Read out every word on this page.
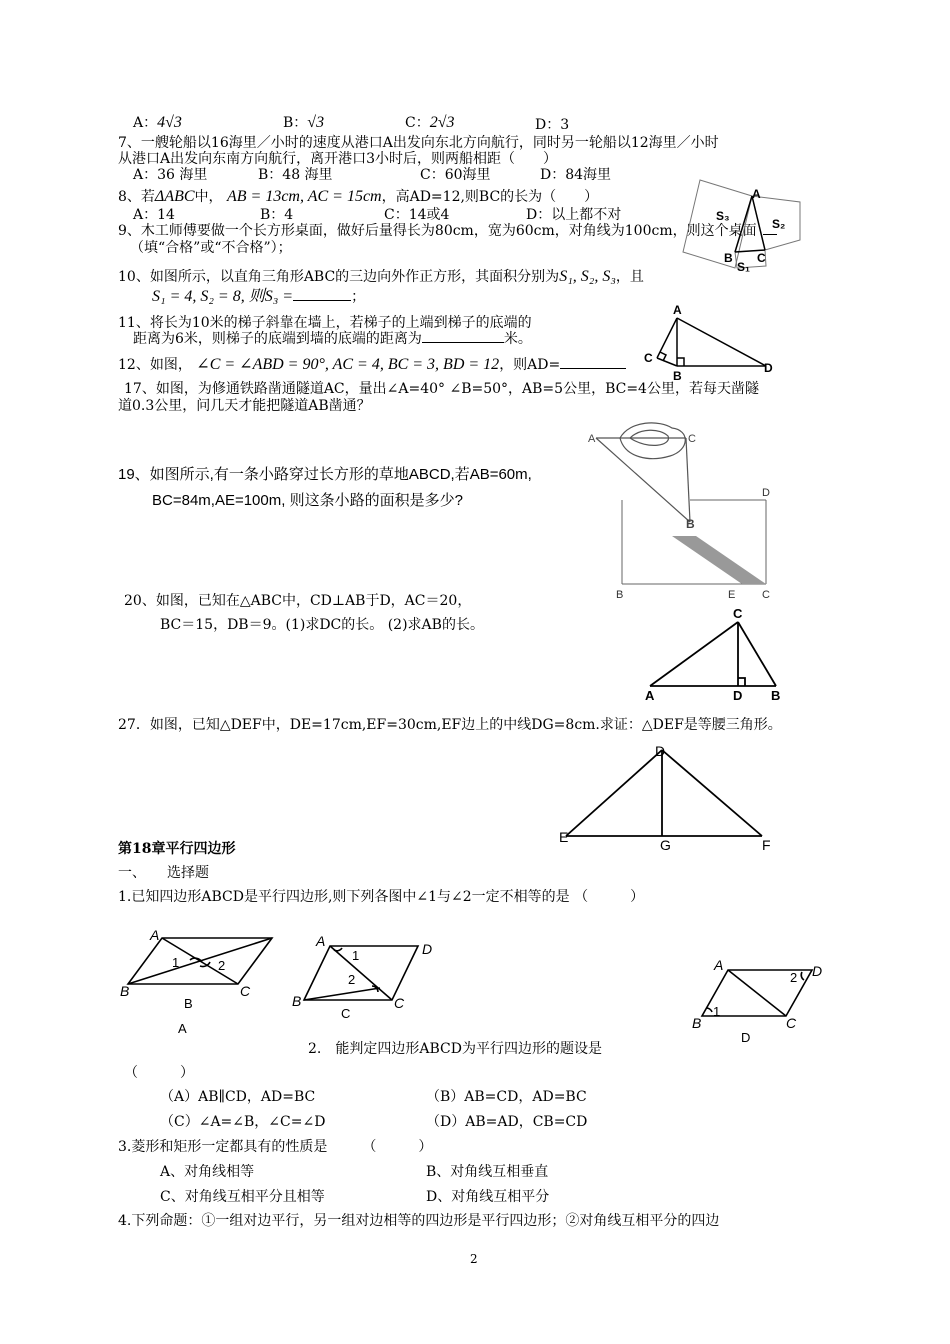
A：4√3	B：√3	C：2√3	D：3
7、一艘轮船以16海里／小时的速度从港口A出发向东北方向航行，同时另一轮船以12海里／小时
从港口A出发向东南方向航行，离开港口3小时后，则两船相距（　　）
A：36 海里	B：48 海里	C：60海里	D：84海里
8、若ΔABC中， AB = 13cm, AC = 15cm，高AD=12,则BC的长为（　　）
A：14	B：4	C：14或4	D：以上都不对
9、木工师傅要做一个长方形桌面，做好后量得长为80cm，宽为60cm，对角线为100cm，则这个桌面
（填“合格”或“不合格”）；
10、如图所示，以直角三角形ABC的三边向外作正方形，其面积分别为S₁, S₂, S₃，且
S₁ = 4, S₂ = 8, 则S₃ =	；
11、将长为10米的梯子斜靠在墙上，若梯子的上端到梯子的底端的
距离为6米，则梯子的底端到墙的底端的距离为	米。
12、如图， ∠C = ∠ABD = 90°, AC = 4, BC = 3, BD = 12，则AD=
17、如图，为修通铁路凿通隧道AC，量出∠A=40° ∠B=50°，AB=5公里，BC=4公里，若每天凿隧
道0.3公里，问几天才能把隧道AB凿通？
19、如图所示,有一条小路穿过长方形的草地ABCD,若AB=60m,
BC=84m,AE=100m, 则这条小路的面积是多少?
20、如图，已知在△ABC中，CD⊥AB于D，AC＝20，
BC＝15，DB＝9。(1)求DC的长。 (2)求AB的长。
27．如图，已知△DEF中，DE=17cm,EF=30cm,EF边上的中线DG=8cm.求证：△DEF是等腰三角形。
第18章平行四边形
一、　　选择题
1.已知四边形ABCD是平行四边形,则下列各图中∠1与∠2一定不相等的是 （　　　）
2.　能判定四边形ABCD为平行四边形的题设是
（　　　）
（A）AB∥CD，AD=BC	（B）AB=CD，AD=BC
（C）∠A=∠B，∠C=∠D	（D）AB=AD，CB=CD
3.菱形和矩形一定都具有的性质是　　　（　　　）
A、对角线相等	B、对角线互相垂直
C、对角线互相平分且相等	D、对角线互相平分
4.下列命题：①一组对边平行，另一组对边相等的四边形是平行四边形；②对角线互相平分的四边
2
A
B C
S₃
S₂
S₁
A
C
B
D
A	C
B
B	E C
D
C
A	D B
D
E	G	F
A
B	C
1	2
B
A
A	D
B	C
1
2
C
A	D
B	C
1
2
D
